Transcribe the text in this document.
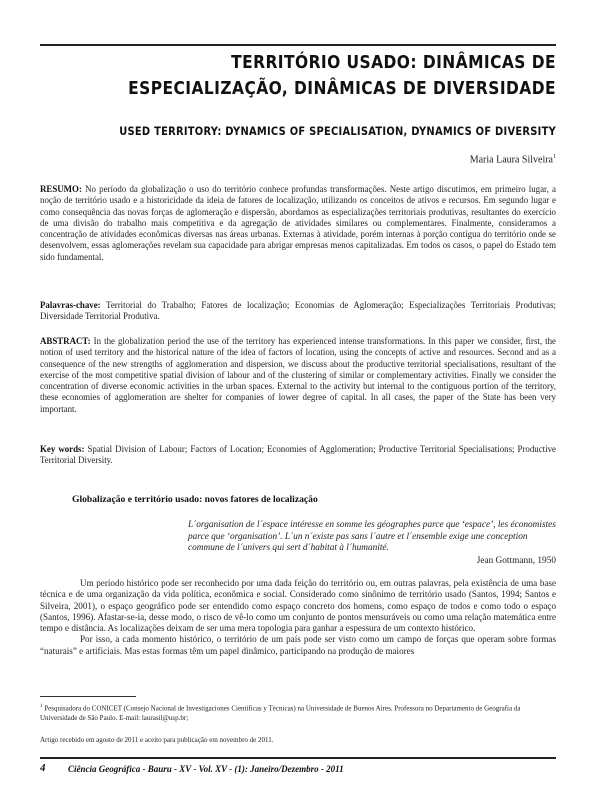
TERRITÓRIO USADO: DINÂMICAS DE ESPECIALIZAÇÃO, DINÂMICAS DE DIVERSIDADE
USED TERRITORY: DYNAMICS OF SPECIALISATION, DYNAMICS OF DIVERSITY
Maria Laura Silveira$^1$
RESUMO: No período da globalização o uso do território conhece profundas transformações. Neste artigo discutimos, em primeiro lugar, a noção de território usado e a historicidade da ideia de fatores de localização, utilizando os conceitos de ativos e recursos. Em segundo lugar e como consequência das novas forças de aglomeração e dispersão, abordamos as especializações territoriais produtivas, resultantes do exercício de uma divisão do trabalho mais competitiva e da agregação de atividades similares ou complementares. Finalmente, consideramos a concentração de atividades econômicas diversas nas áreas urbanas. Externas à atividade, porém internas à porção contígua do território onde se desenvolvem, essas aglomerações revelam sua capacidade para abrigar empresas menos capitalizadas. Em todos os casos, o papel do Estado tem sido fundamental.
Palavras-chave: Territorial do Trabalho; Fatores de localização; Economias de Aglomeração; Especializações Territoriais Produtivas; Diversidade Territorial Produtiva.
ABSTRACT: In the globalization period the use of the territory has experienced intense transformations. In this paper we consider, first, the notion of used territory and the historical nature of the idea of factors of location, using the concepts of active and resources. Second and as a consequence of the new strengths of agglomeration and dispersion, we discuss about the productive territorial specialisations, resultant of the exercise of the most competitive spatial division of labour and of the clustering of similar or complementary activities. Finally we consider the concentration of diverse economic activities in the urban spaces. External to the activity but internal to the contiguous portion of the territory, these economies of agglomeration are shelter for companies of lower degree of capital. In all cases, the paper of the State has been very important.
Key words: Spatial Division of Labour; Factors of Location; Economies of Agglomeration; Productive Territorial Specialisations; Productive Territorial Diversity.
Globalização e território usado: novos fatores de localização
L´organisation de l´espace intéresse en somme les géographes parce que ‘espace’, les économistes parce que ‘organisation’. L´un n´existe pas sans l´autre et l´ensemble exige une conception commune de l´univers qui sert d´habitat à l´humanité.
Jean Gottmann, 1950

Um período histórico pode ser reconhecido por uma dada feição do território ou, em outras palavras, pela existência de uma base técnica e de uma organização da vida política, econômica e social. Considerado como sinônimo de território usado (Santos, 1994; Santos e Silveira, 2001), o espaço geográfico pode ser entendido como espaço concreto dos homens, como espaço de todos e como todo o espaço (Santos, 1996). Afastar-se-ia, desse modo, o risco de vê-lo como um conjunto de pontos mensuráveis ou como uma relação matemática entre tempo e distância. As localizações deixam de ser uma mera topologia para ganhar a espessura de um contexto histórico.

Por isso, a cada momento histórico, o território de um país pode ser visto como um campo de forças que operam sobre formas “naturais” e artificiais. Mas estas formas têm um papel dinâmico, participando na produção de maiores

$^1$ Pesquisadora do CONICET (Consejo Nacional de Investigaciones Científicas y Técnicas) na Universidade de Buenos Aires. Professora no Departamento de Geografia da Universidade de São Paulo. E-mail: laurasil@usp.br;
Artigo recebido em agosto de 2011 e aceito para publicação em novembro de 2011.
4	Ciência Geográfica - Bauru - XV - Vol. XV - (1): Janeiro/Dezembro - 2011
